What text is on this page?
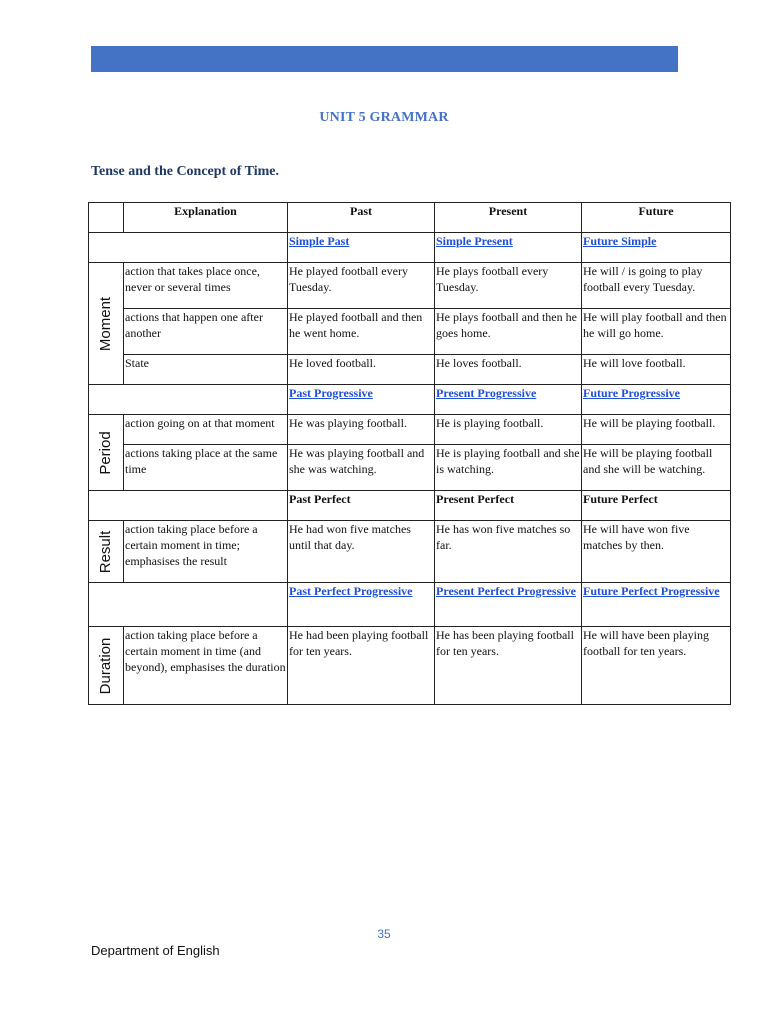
UNIT 5 GRAMMAR
Tense and the Concept of Time.
	Explanation	Past	Present	Future
		Simple Past	Simple Present	Future Simple

Moment	action that takes place once, never or several times	He played football every Tuesday.	He plays football every Tuesday.	He will / is going to play football every Tuesday.
	actions that happen one after another	He played football and then he went home.	He plays football and then he goes home.	He will play football and then he will go home.
	State	He loved football.	He loves football.	He will love football.
		Past Progressive	Present Progressive	Future Progressive

Period	action going on at that moment	He was playing football.	He is playing football.	He will be playing football.
	actions taking place at the same time	He was playing football and she was watching.	He is playing football and she is watching.	He will be playing football and she will be watching.
		Past Perfect	Present Perfect	Future Perfect

Result	action taking place before a certain moment in time; emphasises the result	He had won five matches until that day.	He has won five matches so far.	He will have won five matches by then.
		Past Perfect Progressive	Present Perfect Progressive	Future Perfect Progressive

Duration	action taking place before a certain moment in time (and beyond), emphasises the duration	He had been playing football for ten years.	He has been playing football for ten years.	He will have been playing football for ten years.
35
Department of English
